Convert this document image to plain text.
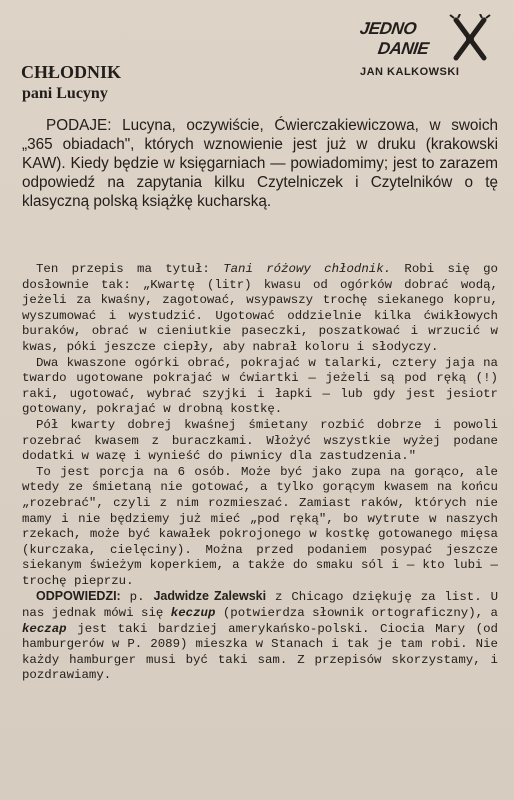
JEDNO
DANIE
JAN KALKOWSKI
CHŁODNIK
pani Lucyny

PODAJE: Lucyna, oczywiście, Ćwierczakiewiczowa, w swoich „365 obiadach", których wznowienie jest już w druku (krakowski KAW). Kiedy będzie w księgarniach — powiadomimy; jest to zarazem odpowiedź na zapytania kilku Czytelniczek i Czytelników o tę klasyczną polską książkę kucharską.

Ten przepis ma tytuł: Tani różowy chłodnik. Robi się go dosłownie tak: „Kwartę (litr) kwasu od ogórków dobrać wodą, jeżeli za kwaśny, zagotować, wsypawszy trochę siekanego kopru, wyszumować i wystudzić. Ugotować oddzielnie kilka ćwikłowych buraków, obrać w cieniutkie paseczki, poszatkować i wrzucić w kwas, póki jeszcze ciepły, aby nabrał koloru i słodyczy.

Dwa kwaszone ogórki obrać, pokrajać w talarki, cztery jaja na twardo ugotowane pokrajać w ćwiartki — jeżeli są pod ręką (!) raki, ugotować, wybrać szyjki i łapki — lub gdy jest jesiotr gotowany, pokrajać w drobną kostkę.

Pół kwarty dobrej kwaśnej śmietany rozbić dobrze i powoli rozebrać kwasem z buraczkami. Włożyć wszystkie wyżej podane dodatki w wazę i wynieść do piwnicy dla zastudzenia."

To jest porcja na 6 osób. Może być jako zupa na gorąco, ale wtedy ze śmietaną nie gotować, a tylko gorącym kwasem na końcu „rozebrać", czyli z nim rozmieszać. Zamiast raków, których nie mamy i nie będziemy już mieć „pod ręką", bo wytrute w naszych rzekach, może być kawałek pokrojonego w kostkę gotowanego mięsa (kurczaka, cielęciny). Można przed podaniem posypać jeszcze siekanym świeżym koperkiem, a także do smaku sól i — kto lubi — trochę pieprzu.

ODPOWIEDZI: p. Jadwidze Zalewski z Chicago dziękuję za list. U nas jednak mówi się keczup (potwierdza słownik ortograficzny), a keczap jest taki bardziej amerykańsko-polski. Ciocia Mary (od hamburgerów w P. 2089) mieszka w Stanach i tak je tam robi. Nie każdy hamburger musi być taki sam. Z przepisów skorzystamy, i pozdrawiamy.
